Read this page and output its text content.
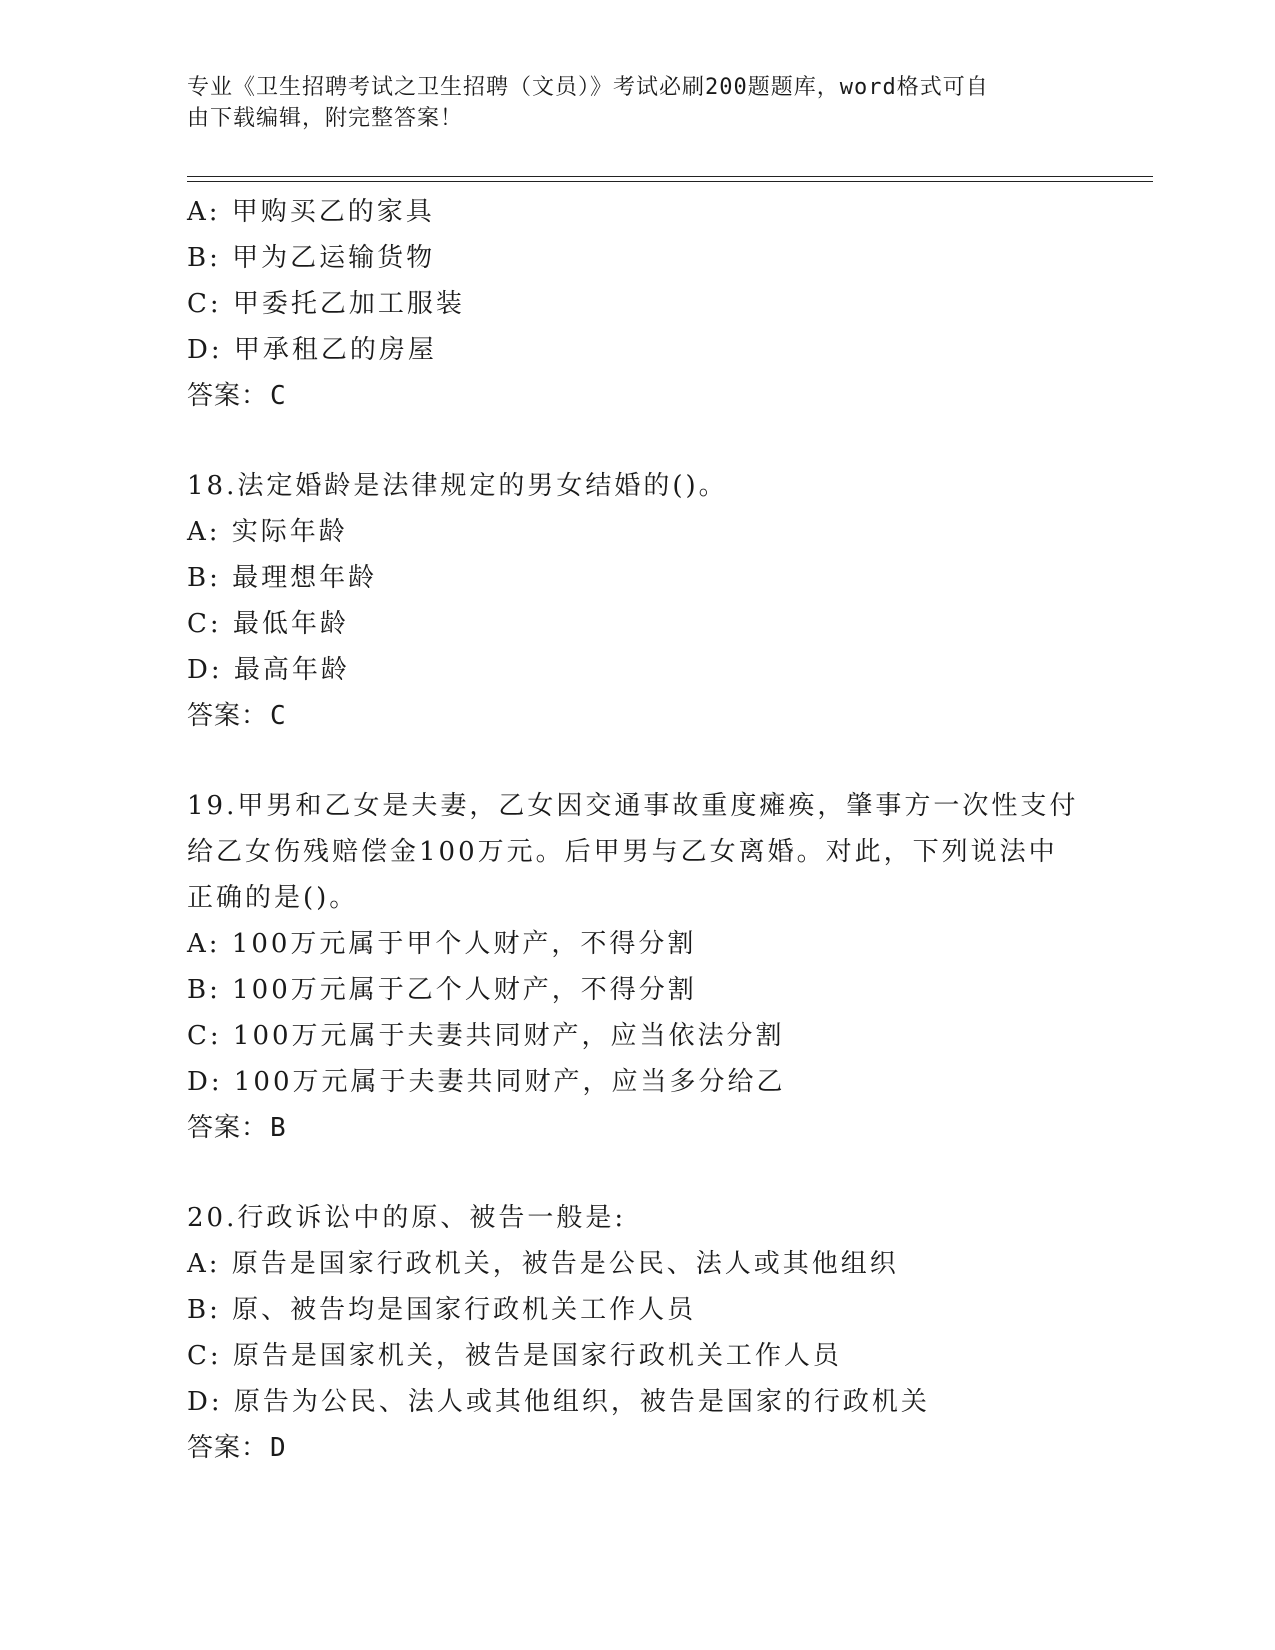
专业《卫生招聘考试之卫生招聘（文员）》考试必刷200题题库，word格式可自
由下载编辑，附完整答案！
A: 甲购买乙的家具
B: 甲为乙运输货物
C: 甲委托乙加工服装
D: 甲承租乙的房屋
答案：C
18.法定婚龄是法律规定的男女结婚的()。
A: 实际年龄
B: 最理想年龄
C: 最低年龄
D: 最高年龄
答案：C
19.甲男和乙女是夫妻，乙女因交通事故重度瘫痪，肇事方一次性支付
给乙女伤残赔偿金100万元。后甲男与乙女离婚。对此，下列说法中
正确的是()。
A: 100万元属于甲个人财产，不得分割
B: 100万元属于乙个人财产，不得分割
C: 100万元属于夫妻共同财产，应当依法分割
D: 100万元属于夫妻共同财产，应当多分给乙
答案：B
20.行政诉讼中的原、被告一般是:
A: 原告是国家行政机关，被告是公民、法人或其他组织
B: 原、被告均是国家行政机关工作人员
C: 原告是国家机关，被告是国家行政机关工作人员
D: 原告为公民、法人或其他组织，被告是国家的行政机关
答案：D
